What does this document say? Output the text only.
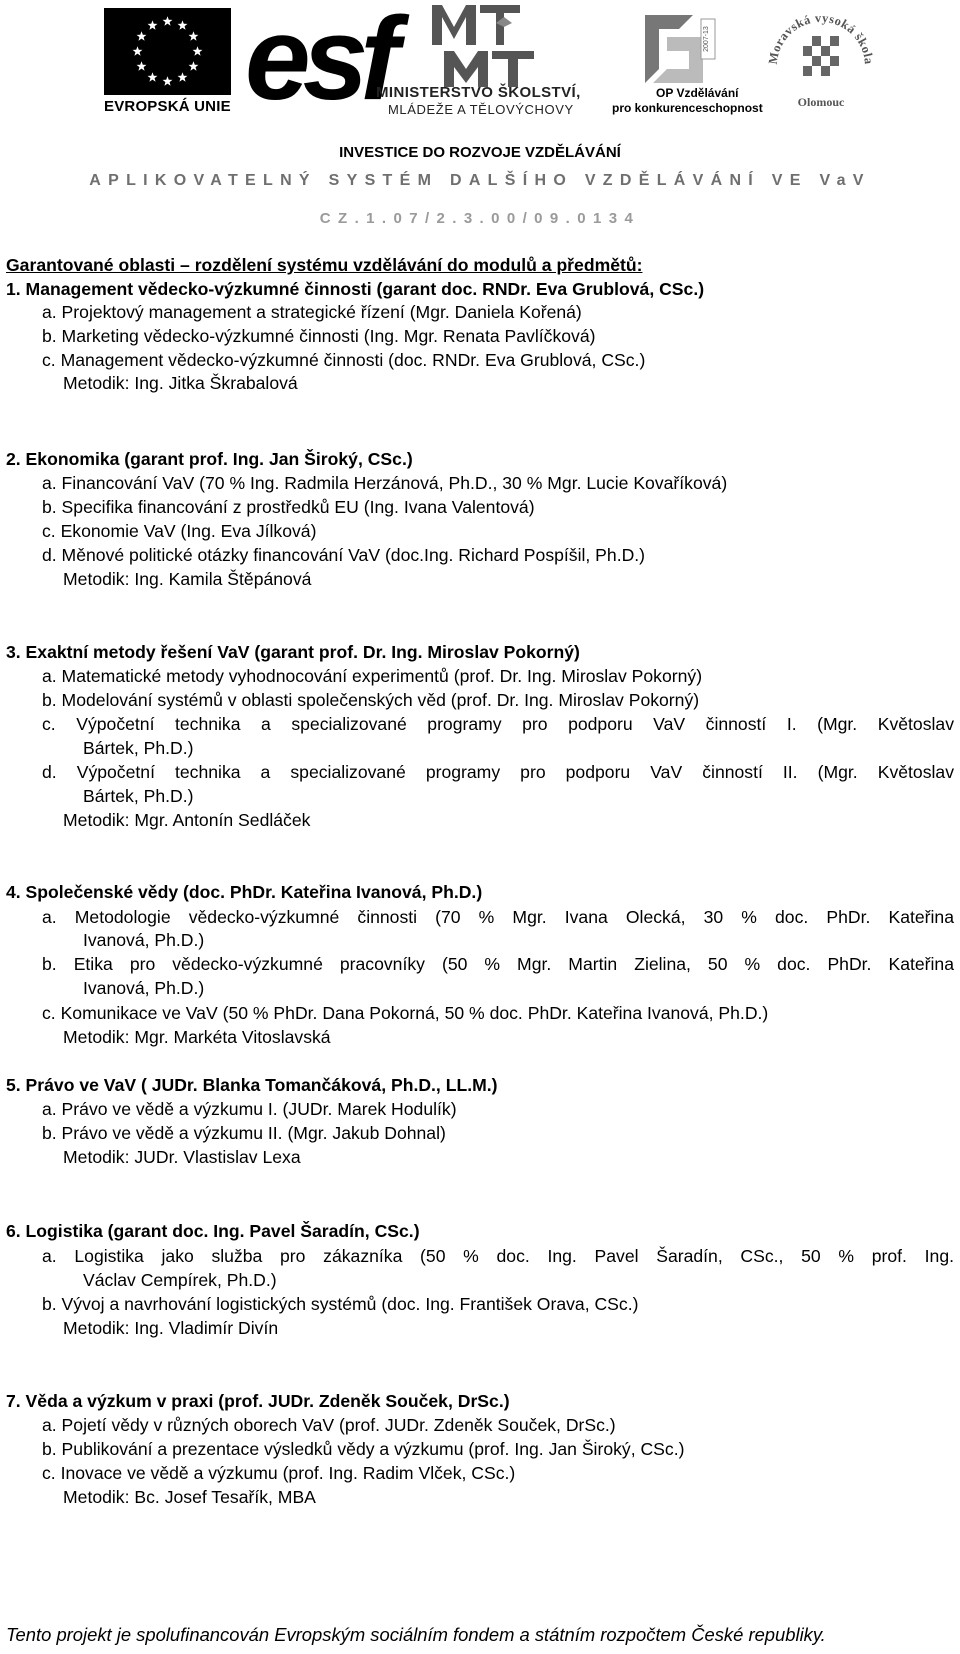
EVROPSKÁ UNIE esf
MINISTERSTVO ŠKOLSTVÍ,
MLÁDEŽE A TĚLOVÝCHOVY
2007-13
OP Vzdělávání
pro konkurenceschopnost
Moravská vysoká škola
Olomouc
INVESTICE DO ROZVOJE VZDĚLÁVÁNÍ
APLIKOVATELNÝ SYSTÉM DALŠÍHO VZDĚLÁVÁNÍ VE VaV
CZ.1.07/2.3.00/09.0134
Garantované oblasti – rozdělení systému vzdělávání do modulů a předmětů:
1. Management vědecko-výzkumné činnosti (garant doc. RNDr. Eva Grublová, CSc.)
a. Projektový management a strategické řízení (Mgr. Daniela Kořená)
b. Marketing vědecko-výzkumné činnosti (Ing. Mgr. Renata Pavlíčková)
c. Management vědecko-výzkumné činnosti (doc. RNDr. Eva Grublová, CSc.)
Metodik: Ing. Jitka Škrabalová
2. Ekonomika (garant prof. Ing. Jan Široký, CSc.)
a. Financování VaV (70 % Ing. Radmila Herzánová, Ph.D., 30 % Mgr. Lucie Kovaříková)
b. Specifika financování z prostředků EU (Ing. Ivana Valentová)
c. Ekonomie VaV (Ing. Eva Jílková)
d. Měnové politické otázky financování VaV (doc.Ing. Richard Pospíšil, Ph.D.)
Metodik: Ing. Kamila Štěpánová
3. Exaktní metody řešení VaV (garant prof. Dr. Ing. Miroslav Pokorný)
a. Matematické metody vyhodnocování experimentů (prof. Dr. Ing. Miroslav Pokorný)
b. Modelování systémů v oblasti společenských věd (prof. Dr. Ing. Miroslav Pokorný)
c. Výpočetní technika a specializované programy pro podporu VaV činností I. (Mgr. Květoslav
Bártek, Ph.D.)
d. Výpočetní technika a specializované programy pro podporu VaV činností II. (Mgr. Květoslav
Bártek, Ph.D.)
Metodik: Mgr. Antonín Sedláček
4. Společenské vědy (doc. PhDr. Kateřina Ivanová, Ph.D.)
a. Metodologie vědecko-výzkumné činnosti (70 % Mgr. Ivana Olecká, 30 % doc. PhDr. Kateřina
Ivanová, Ph.D.)
b. Etika pro vědecko-výzkumné pracovníky (50 % Mgr. Martin Zielina, 50 % doc. PhDr. Kateřina
Ivanová, Ph.D.)
c. Komunikace ve VaV (50 % PhDr. Dana Pokorná, 50 % doc. PhDr. Kateřina Ivanová, Ph.D.)
Metodik: Mgr. Markéta Vitoslavská
5. Právo ve VaV ( JUDr. Blanka Tomančáková, Ph.D., LL.M.)
a. Právo ve vědě a výzkumu I. (JUDr. Marek Hodulík)
b. Právo ve vědě a výzkumu II. (Mgr. Jakub Dohnal)
Metodik: JUDr. Vlastislav Lexa
6. Logistika (garant doc. Ing. Pavel Šaradín, CSc.)
a. Logistika jako služba pro zákazníka (50 % doc. Ing. Pavel Šaradín, CSc., 50 % prof. Ing.
Václav Cempírek, Ph.D.)
b. Vývoj a navrhování logistických systémů (doc. Ing. František Orava, CSc.)
Metodik: Ing. Vladimír Divín
7. Věda a výzkum v praxi (prof. JUDr. Zdeněk Souček, DrSc.)
a. Pojetí vědy v různých oborech VaV (prof. JUDr. Zdeněk Souček, DrSc.)
b. Publikování a prezentace výsledků vědy a výzkumu (prof. Ing. Jan Široký, CSc.)
c. Inovace ve vědě a výzkumu (prof. Ing. Radim Vlček, CSc.)
Metodik: Bc. Josef Tesařík, MBA
Tento projekt je spolufinancován Evropským sociálním fondem a státním rozpočtem České republiky.
